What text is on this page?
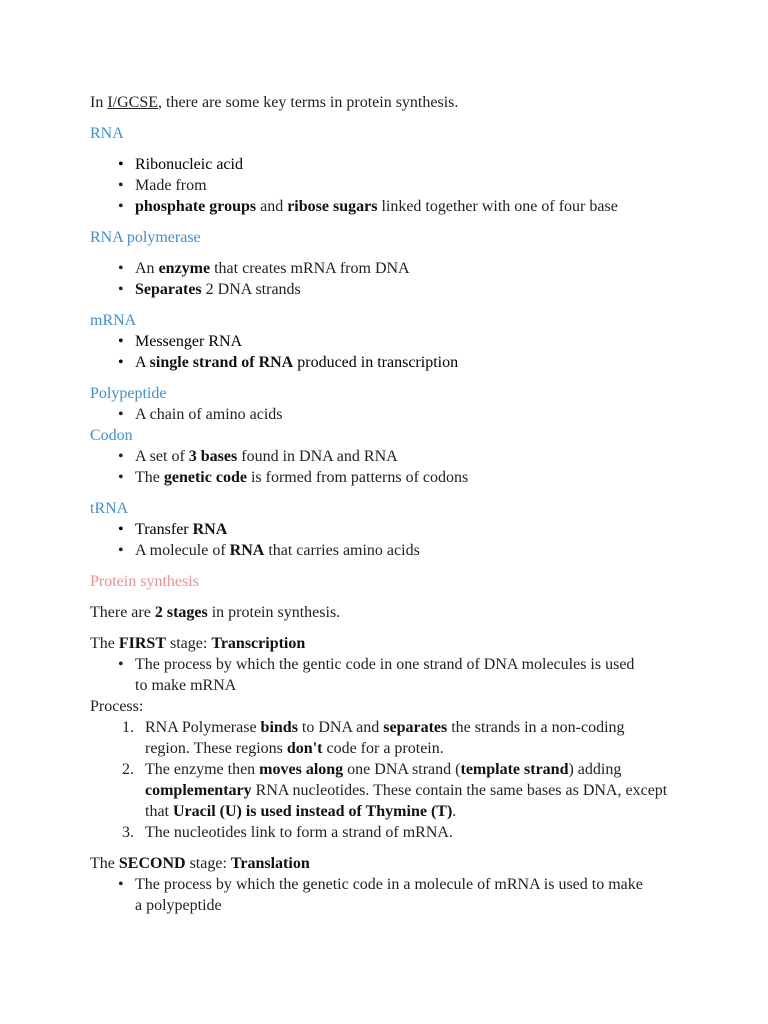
In I/GCSE, there are some key terms in protein synthesis.

RNA

• Ribonucleic acid
• Made from
• phosphate groups and ribose sugars linked together with one of four base

RNA polymerase

• An enzyme that creates mRNA from DNA
• Separates 2 DNA strands

mRNA

• Messenger RNA
• A single strand of RNA produced in transcription

Polypeptide

• A chain of amino acids

Codon

• A set of 3 bases found in DNA and RNA
• The genetic code is formed from patterns of codons

tRNA

• Transfer RNA
• A molecule of RNA that carries amino acids

Protein synthesis

There are 2 stages in protein synthesis.

The FIRST stage: Transcription

• The process by which the gentic code in one strand of DNA molecules is used to make mRNA

Process:

1. RNA Polymerase binds to DNA and separates the strands in a non-coding region. These regions don't code for a protein.
2. The enzyme then moves along one DNA strand (template strand) adding complementary RNA nucleotides. These contain the same bases as DNA, except that Uracil (U) is used instead of Thymine (T).
3. The nucleotides link to form a strand of mRNA.

The SECOND stage: Translation

• The process by which the genetic code in a molecule of mRNA is used to make a polypeptide
